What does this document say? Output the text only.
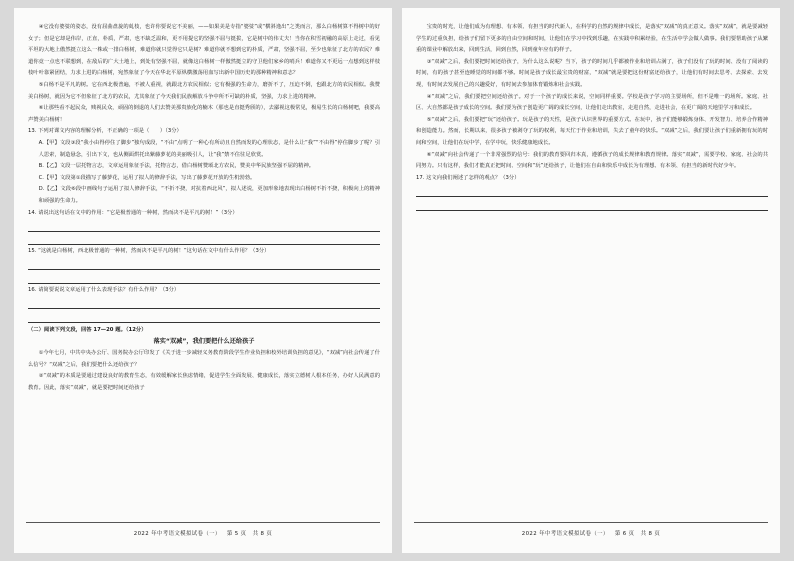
④它没有婆娑的姿态，没有屈曲盘旋的虬枝，也许你要说它不美丽，——如果美是专指“婆娑”或“横斜逸出”之类而言，那么白杨树算不得树中的好女子；但是它却是伟岸，正直，朴质，严肃，也不缺乏温和，更不用提它的坚强不屈与挺拔，它是树中的伟丈夫！当你在积雪初融的高原上走过，看见平坦的大地上傲然挺立这么一株或一排白杨树，难道你就只觉得它只是树？难道你就不想到它的朴质，严肃，坚强不屈，至少也象征了北方的农民？难道你竟一点也不联想到，在敌后的广大土地上，到处有坚强不屈，就像这白杨树一样傲然挺立的守卫他们家乡的哨兵！难道你又不更远一点想到这样枝枝叶叶靠紧团结，力求上进的白杨树，宛然象征了今天在华北平原纵横激荡用血写出新中国历史的那种精神和意志？

⑤白杨不是平凡的树。它在西北极普遍，不被人重视，就跟北方农民相似；它有极强的生命力，磨折不了，压迫不倒，也跟北方的农民相似。我赞美白杨树，就因为它不但象征了北方的农民，尤其象征了今天我们民族解放斗争中所不可缺的朴质，坚强，力求上进的精神。

⑥让那些看不起民众，贱视民众，顽固的倒退的人们去赞美那贵族化的楠木（那也是直挺秀颀的），去鄙视这极常见，极易生长的白杨树吧，我要高声赞美白杨树！

13. 下列对课文内容的理解分析，不正确的一项是（　　）（3分）

A.【甲】文段③段“我小由得停住了脚步”独句成段，“不由”点明了一种心有所动且自然而发的心理状态，是什么让“我”“不由得”停住脚步了呢？引人思索，制造悬念，引出下文，也从侧面烘托出紫藤萝花的美丽吸引人，让“我”禁不住驻足欣赏。

B.【乙】文段一层托物言志，文章运用象征手法，托物言志，借白杨树赞颂北方农民，赞美中华民族坚强不屈的精神。

C.【甲】文段第①段描写了藤萝花，运用了拟人的修辞手法，写出了藤萝花开放的生机勃勃。

D.【乙】文段⑥段中画线句子运用了拟人修辞手法，“不折不挠，对抗着西北风”，拟人述说，更加形象地表现出白杨树不折不挠，积极向上的精神和顽强的生命力。

14. 请说出这句话在文中的作用：“它是极普通的一种树，然而决不是平凡的树！”（3分）

15. “这就是白杨树，西北极普通的一种树，然而决不是平凡的树！”这句话在文中有什么作用？（3分）

16. 请简要说说文章运用了什么表现手法？有什么作用？（3分）

（二）阅读下列文段，回答 17—20 题。（12分）

落实“双减”，我们要把什么还给孩子

①今年七月，中共中央办公厅、国务院办公厅印发了《关于进一步减轻义务教育阶段学生作业负担和校外培训负担的意见》，“双减”向社会传递了什么信号？“双减”之后，我们要把什么还给孩子？

②“双减”的本质是要通过建设良好的教育生态，有效缓解家长焦虑情绪，促进学生全面发展、健康成长，落实立德树人根本任务，办好人民满意的教育。因此，落实“双减”，就是要把时间还给孩子

2022 年中考语文模拟试卷（一） 第 5 页 共 8 页

宝贵的时光，让他们成为有理想、有本领、有担当的时代新人，在科学的自然的规律中成长，是落实“双减”的真正意义。落实“双减”，就是要减轻学生的过重负担，给孩子们留下更多的自由空间和时间，让他们在学习中找到乐趣，在实践中积累经验，在生活中学会做人做事。我们要帮助孩子从繁重的课业中解放出来，回到生活，回到自然，回到童年应有的样子。

③“双减”之后，我们要把时间还给孩子，为什么这么说呢？当下，孩子的时间几乎都被作业和培训占满了，孩子们没有了玩的时间、没有了阅读的时间，有的孩子甚至连睡觉的时间都不够。时间是孩子成长最宝贵的财富，“双减”就是要把这份财富还给孩子，让他们有时间去思考、去探索、去发现，有时间去发展自己的兴趣爱好，有时间去参加体育锻炼和社会实践。

④“双减”之后，我们要把空间还给孩子。对于一个孩子的成长来说，空间同样重要。学校是孩子学习的主要场所，但不是唯一的场所。家庭、社区、大自然都是孩子成长的空间。我们要为孩子创造更广阔的成长空间，让他们走出教室，走进自然，走进社会，在更广阔的天地里学习和成长。

⑤“双减”之后，我们要把“玩”还给孩子。玩是孩子的天性，是孩子认识世界的重要方式。在玩中，孩子们能够锻炼身体、开发智力、培养合作精神和创造能力。然而，长期以来，很多孩子被剥夺了玩的权利，每天忙于作业和培训，失去了童年的快乐。“双减”之后，我们要让孩子们重新拥有玩的时间和空间，让他们在玩中学，在学中玩，快乐健康地成长。

⑥“双减”向社会传递了一个非常强烈的信号：我们的教育要回归本真，遵循孩子的成长规律和教育规律。落实“双减”，需要学校、家庭、社会的共同努力。只有这样，我们才能真正把时间、空间和“玩”还给孩子，让他们在自由和快乐中成长为有理想、有本领、有担当的新时代好少年。

17. 这文向我们阐述了怎样的观点？（3分）

2022 年中考语文模拟试卷（一） 第 6 页 共 8 页
